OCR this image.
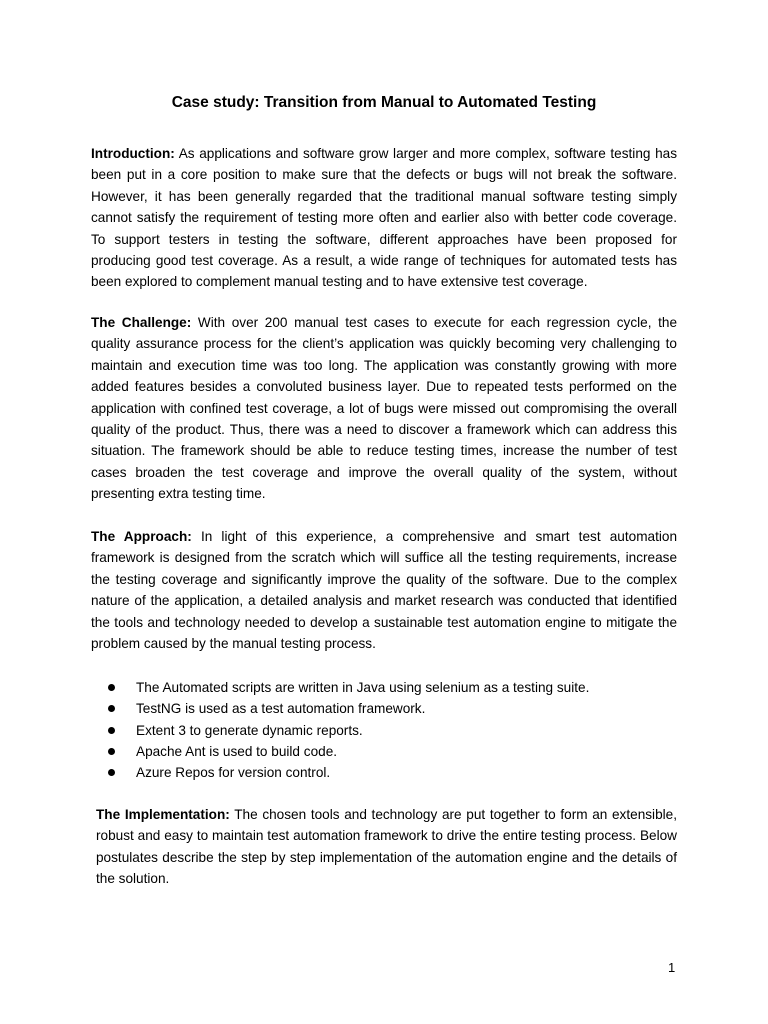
Case study: Transition from Manual to Automated Testing

Introduction: As applications and software grow larger and more complex, software testing has been put in a core position to make sure that the defects or bugs will not break the software. However, it has been generally regarded that the traditional manual software testing simply cannot satisfy the requirement of testing more often and earlier also with better code coverage. To support testers in testing the software, different approaches have been proposed for producing good test coverage. As a result, a wide range of techniques for automated tests has been explored to complement manual testing and to have extensive test coverage.

The Challenge: With over 200 manual test cases to execute for each regression cycle, the quality assurance process for the client’s application was quickly becoming very challenging to maintain and execution time was too long. The application was constantly growing with more added features besides a convoluted business layer. Due to repeated tests performed on the application with confined test coverage, a lot of bugs were missed out compromising the overall quality of the product. Thus, there was a need to discover a framework which can address this situation. The framework should be able to reduce testing times, increase the number of test cases broaden the test coverage and improve the overall quality of the system, without presenting extra testing time.

The Approach: In light of this experience, a comprehensive and smart test automation framework is designed from the scratch which will suffice all the testing requirements, increase the testing coverage and significantly improve the quality of the software. Due to the complex nature of the application, a detailed analysis and market research was conducted that identified the tools and technology needed to develop a sustainable test automation engine to mitigate the problem caused by the manual testing process.

The Automated scripts are written in Java using selenium as a testing suite.
TestNG is used as a test automation framework.
Extent 3 to generate dynamic reports.
Apache Ant is used to build code.
Azure Repos for version control.

The Implementation: The chosen tools and technology are put together to form an extensible, robust and easy to maintain test automation framework to drive the entire testing process. Below postulates describe the step by step implementation of the automation engine and the details of the solution.

1
